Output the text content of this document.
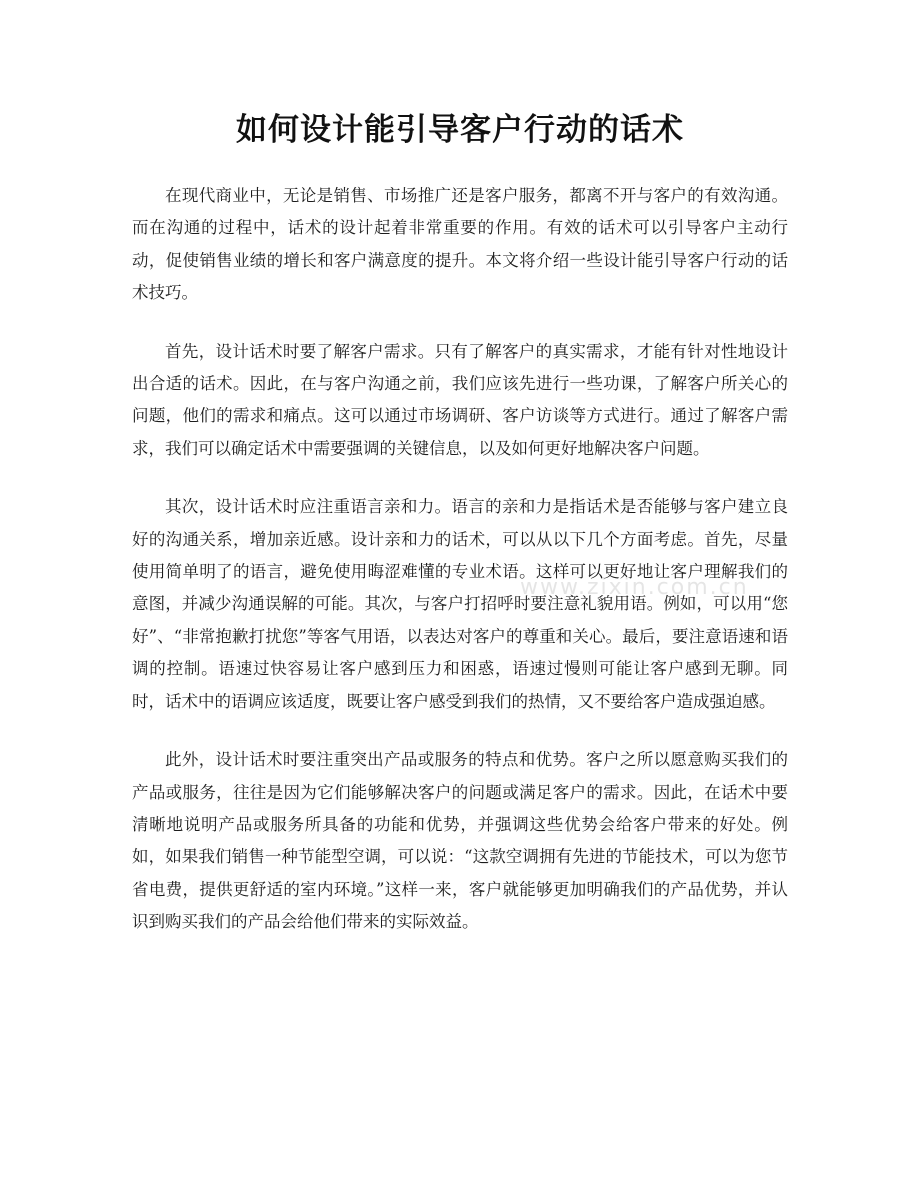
如何设计能引导客户行动的话术
www.zixin.com.cn

在现代商业中，无论是销售、市场推广还是客户服务，都离不开与客户的有效沟通。而在沟通的过程中，话术的设计起着非常重要的作用。有效的话术可以引导客户主动行动，促使销售业绩的增长和客户满意度的提升。本文将介绍一些设计能引导客户行动的话术技巧。

首先，设计话术时要了解客户需求。只有了解客户的真实需求，才能有针对性地设计出合适的话术。因此，在与客户沟通之前，我们应该先进行一些功课，了解客户所关心的问题，他们的需求和痛点。这可以通过市场调研、客户访谈等方式进行。通过了解客户需求，我们可以确定话术中需要强调的关键信息，以及如何更好地解决客户问题。

其次，设计话术时应注重语言亲和力。语言的亲和力是指话术是否能够与客户建立良好的沟通关系，增加亲近感。设计亲和力的话术，可以从以下几个方面考虑。首先，尽量使用简单明了的语言，避免使用晦涩难懂的专业术语。这样可以更好地让客户理解我们的意图，并减少沟通误解的可能。其次，与客户打招呼时要注意礼貌用语。例如，可以用“您好”、“非常抱歉打扰您”等客气用语，以表达对客户的尊重和关心。最后，要注意语速和语调的控制。语速过快容易让客户感到压力和困惑，语速过慢则可能让客户感到无聊。同时，话术中的语调应该适度，既要让客户感受到我们的热情，又不要给客户造成强迫感。

此外，设计话术时要注重突出产品或服务的特点和优势。客户之所以愿意购买我们的产品或服务，往往是因为它们能够解决客户的问题或满足客户的需求。因此，在话术中要清晰地说明产品或服务所具备的功能和优势，并强调这些优势会给客户带来的好处。例如，如果我们销售一种节能型空调，可以说：“这款空调拥有先进的节能技术，可以为您节省电费，提供更舒适的室内环境。”这样一来，客户就能够更加明确我们的产品优势，并认识到购买我们的产品会给他们带来的实际效益。
